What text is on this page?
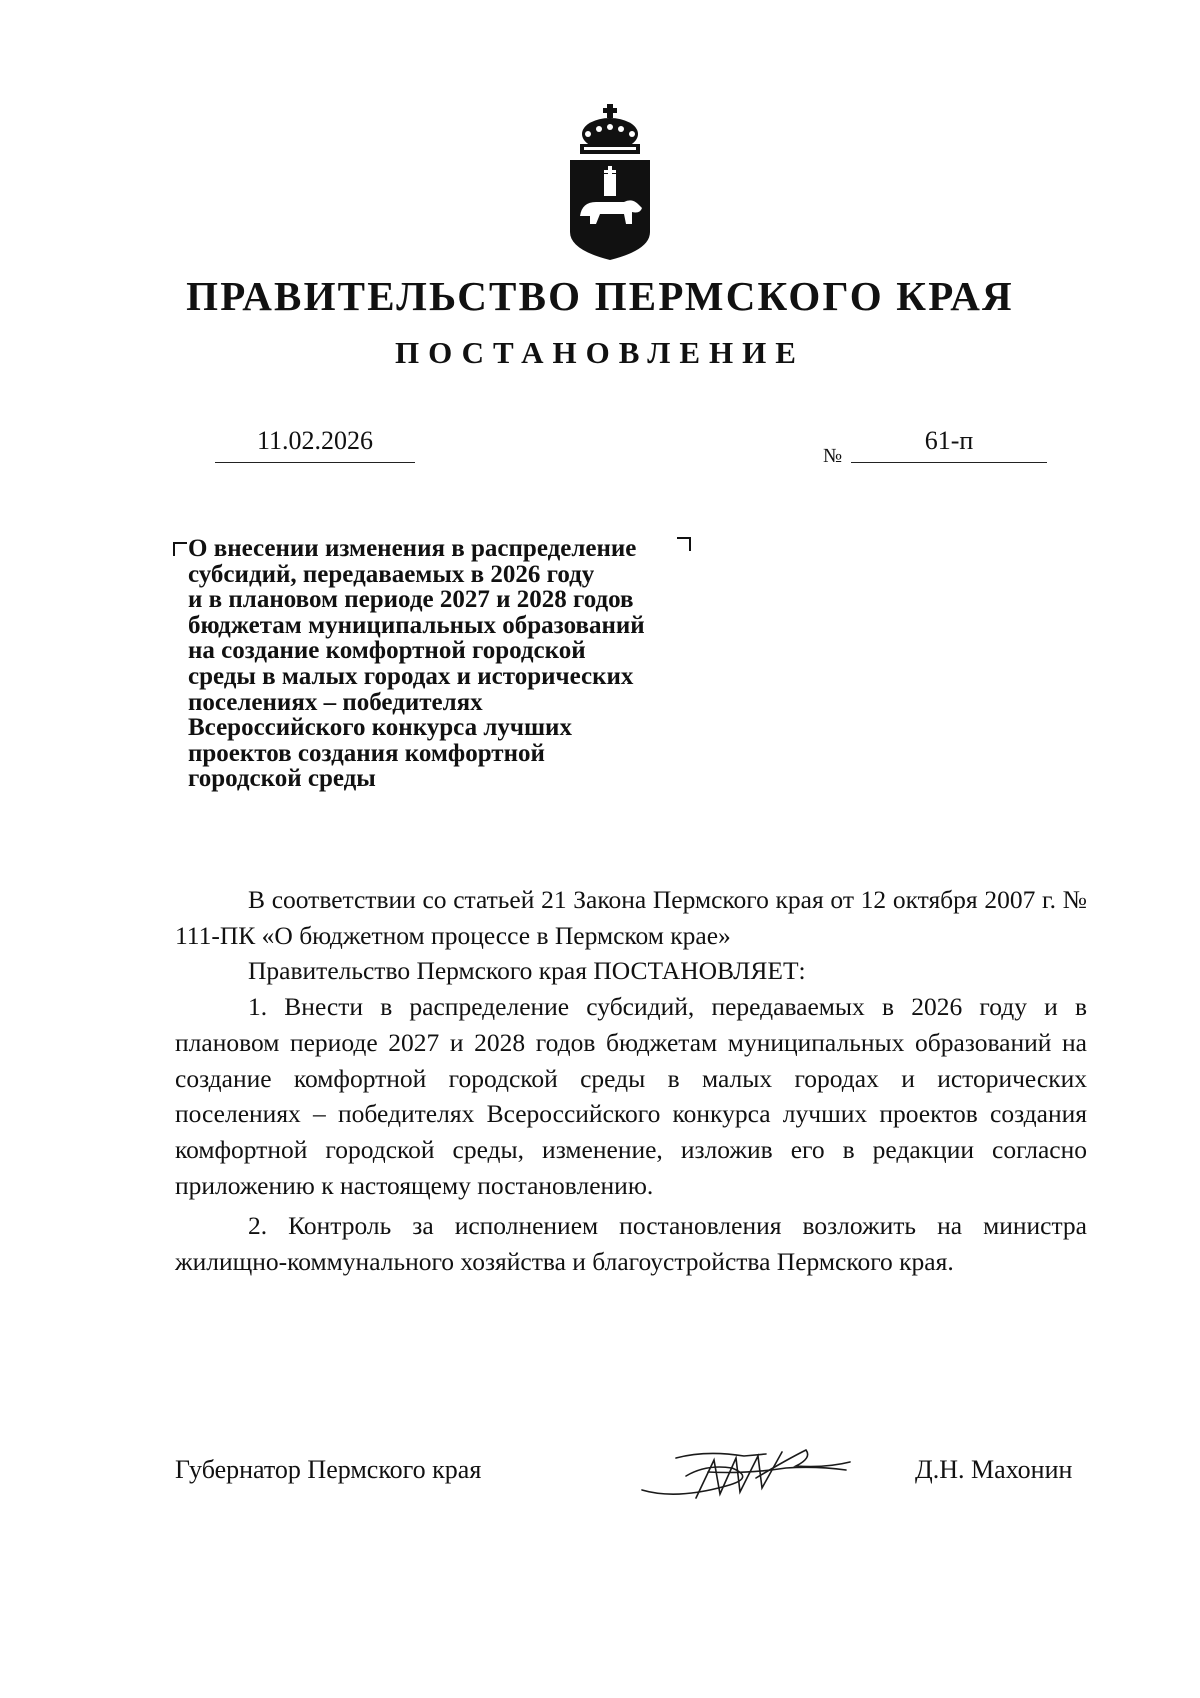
ПРАВИТЕЛЬСТВО ПЕРМСКОГО КРАЯ
ПОСТАНОВЛЕНИЕ
11.02.2026
№
61-п

О внесении изменения в распределение
субсидий, передаваемых в 2026 году
и в плановом периоде 2027 и 2028 годов
бюджетам муниципальных образований
на создание комфортной городской
среды в малых городах и исторических
поселениях – победителях
Всероссийского конкурса лучших
проектов создания комфортной
городской среды

В соответствии со статьей 21 Закона Пермского края от 12 октября 2007 г. № 111-ПК «О бюджетном процессе в Пермском крае»

Правительство Пермского края ПОСТАНОВЛЯЕТ:

1. Внести в распределение субсидий, передаваемых в 2026 году и в плановом периоде 2027 и 2028 годов бюджетам муниципальных образований на создание комфортной городской среды в малых городах и исторических поселениях – победителях Всероссийского конкурса лучших проектов создания комфортной городской среды, изменение, изложив его в редакции согласно приложению к настоящему постановлению.

2. Контроль за исполнением постановления возложить на министра жилищно-коммунального хозяйства и благоустройства Пермского края.

Губернатор Пермского края	Д.Н. Махонин
